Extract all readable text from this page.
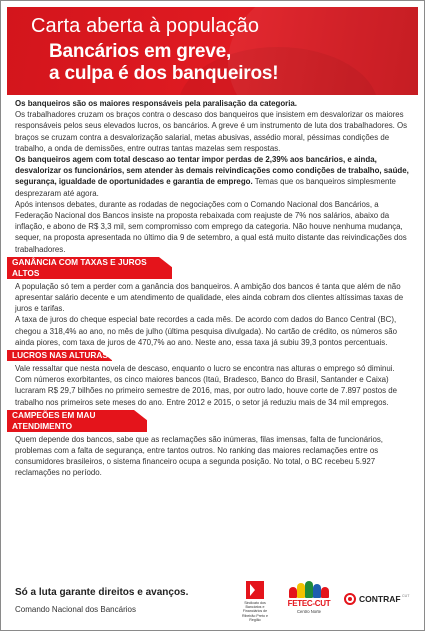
Carta aberta à população
Bancários em greve,
a culpa é dos banqueiros!

Os banqueiros são os maiores responsáveis pela paralisação da categoria.

Os trabalhadores cruzam os braços contra o descaso dos banqueiros que insistem em desvalorizar os maiores responsáveis pelos seus elevados lucros, os bancários. A greve é um instrumento de luta dos trabalhadores. Os braços se cruzam contra a desvalorização salarial, metas abusivas, assédio moral, péssimas condições de trabalho, a onda de demissões, entre outras tantas mazelas sem respostas.

Os banqueiros agem com total descaso ao tentar impor perdas de 2,39% aos bancários, e ainda, desvalorizar os funcionários, sem atender às demais reivindicações como condições de trabalho, saúde, segurança, igualdade de oportunidades e garantia de emprego. Temas que os banqueiros simplesmente desprezaram até agora.

Após intensos debates, durante as rodadas de negociações com o Comando Nacional dos Bancários, a Federação Nacional dos Bancos insiste na proposta rebaixada com reajuste de 7% nos salários, abaixo da inflação, e abono de R$ 3,3 mil, sem compromisso com emprego da categoria. Não houve nenhuma mudança, sequer, na proposta apresentada no último dia 9 de setembro, a qual está muito distante das reivindicações dos trabalhadores.

GANÂNCIA COM TAXAS E JUROS ALTOS

A população só tem a perder com a ganância dos banqueiros. A ambição dos bancos é tanta que além de não apresentar salário decente e um atendimento de qualidade, eles ainda cobram dos clientes altíssimas taxas de juros e tarifas.

A taxa de juros do cheque especial bate recordes a cada mês. De acordo com dados do Banco Central (BC), chegou a 318,4% ao ano, no mês de julho (última pesquisa divulgada). No cartão de crédito, os números são ainda piores, com taxa de juros de 470,7% ao ano. Neste ano, essa taxa já subiu 39,3 pontos percentuais.

LUCROS NAS ALTURAS

Vale ressaltar que nesta novela de descaso, enquanto o lucro se encontra nas alturas o emprego só diminui. Com números exorbitantes, os cinco maiores bancos (Itaú, Bradesco, Banco do Brasil, Santander e Caixa) lucraram R$ 29,7 bilhões no primeiro semestre de 2016, mas, por outro lado, houve corte de 7.897 postos de trabalho nos primeiros sete meses do ano. Entre 2012 e 2015, o setor já reduziu mais de 34 mil empregos.

CAMPEÕES EM MAU ATENDIMENTO

Quem depende dos bancos, sabe que as reclamações são inúmeras, filas imensas, falta de funcionários, problemas com a falta de segurança, entre tantos outros. No ranking das maiores reclamações entre os consumidores brasileiros, o sistema financeiro ocupa a segunda posição. No total, o BC recebeu 5.927 reclamações no período.

Só a luta garante direitos e avanços.
Comando Nacional dos Bancários
Sindicato dos Bancários e Financiários de Ribeirão Preto e Região
FETEC-CUT
Centro Norte
CONTRAF CUT
